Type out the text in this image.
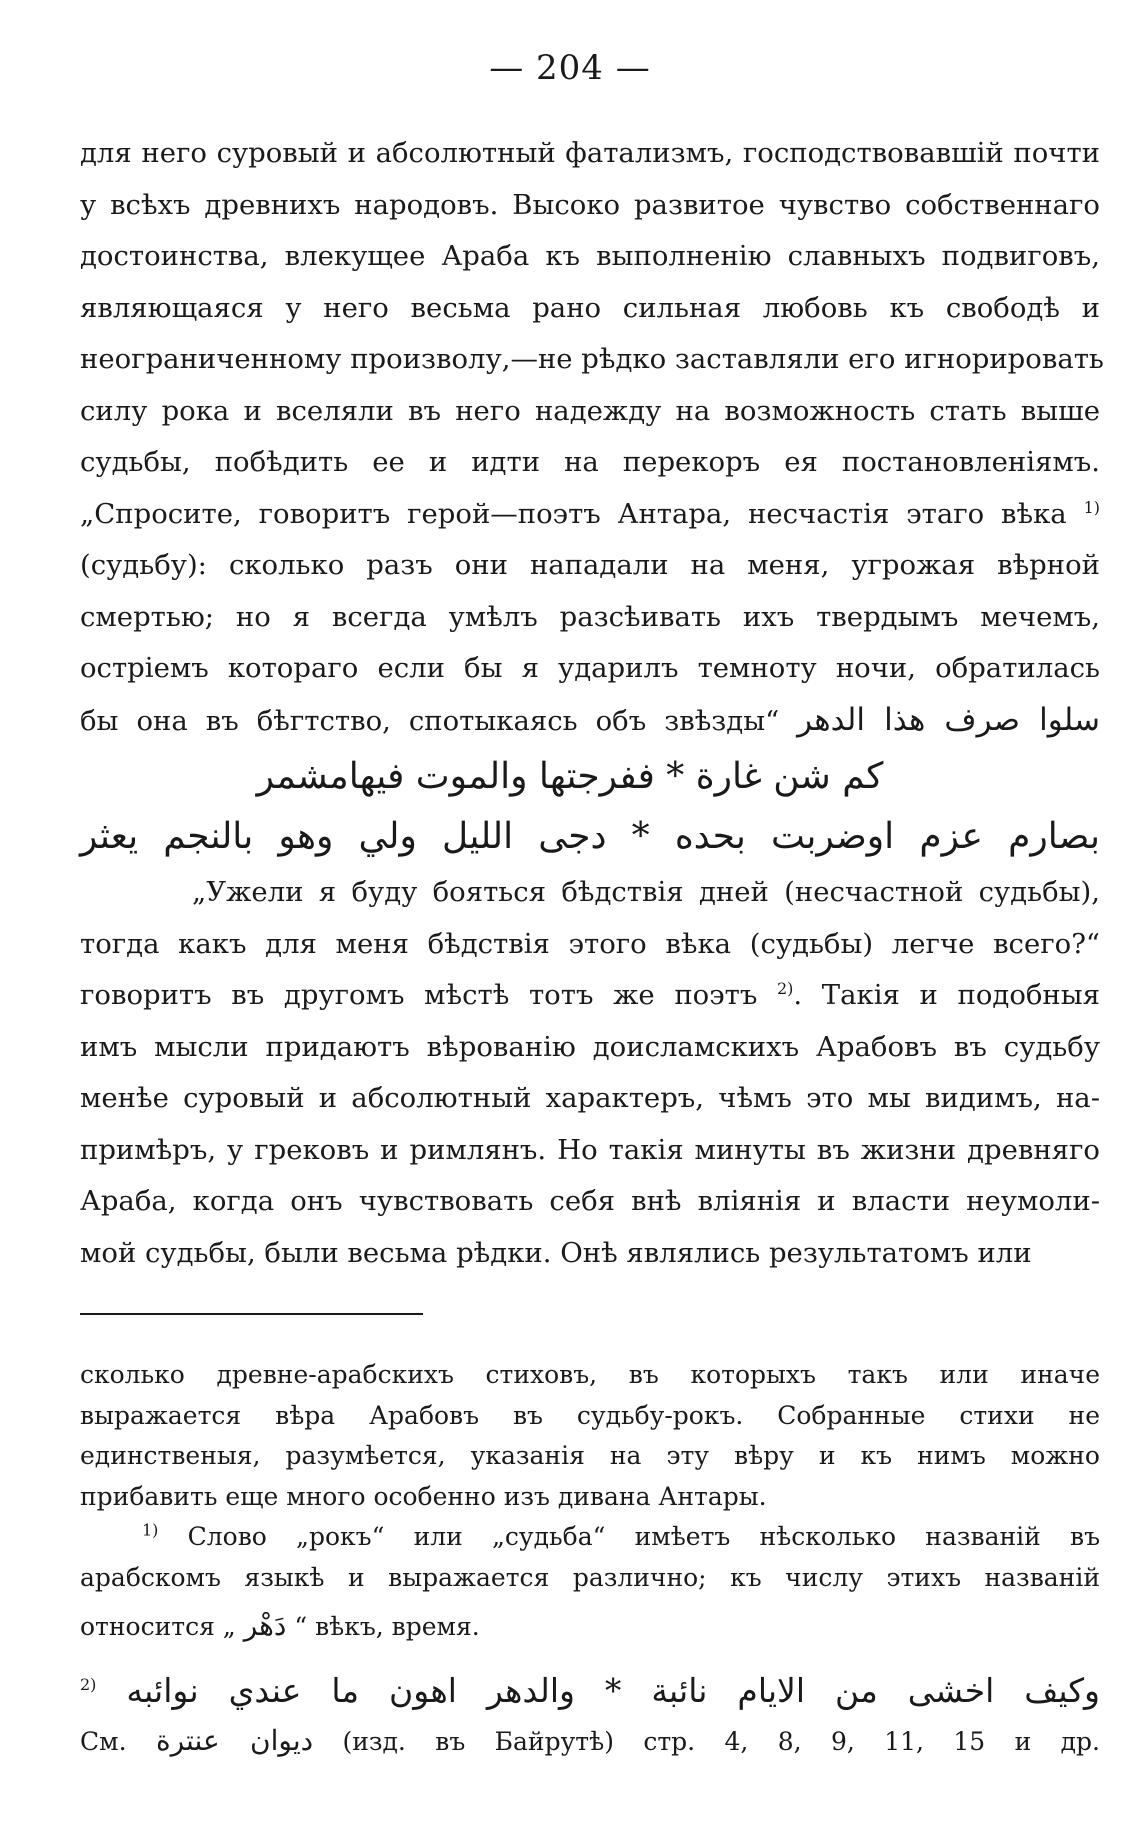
— 204 —
для него суровый и абсолютный фатализмъ, господствовавшій почти
у всѣхъ древнихъ народовъ. Высоко развитое чувство собственнаго
достоинства, влекущее Араба къ выполненію славныхъ подвиговъ,
являющаяся у него весьма рано сильная любовь къ свободѣ и
неограниченному произволу,—не рѣдко заставляли его игнорировать
силу рока и вселяли въ него надежду на возможность стать выше
судьбы, побѣдить ее и идти на перекоръ ея постановленіямъ.
„Спросите, говоритъ герой—поэтъ Антара, несчастія этаго вѣка $^{1)}$
(судьбу): сколько разъ они нападали на меня, угрожая вѣрной
смертью; но я всегда умѣлъ разсѣивать ихъ твердымъ мечемъ,
остріемъ котораго если бы я ударилъ темноту ночи, обратилась
бы она въ бѣгтство, спотыкаясь объ звѣзды“ سلوا صرف هذا الدهر
كم شن غارة * ففرجتها والموت فيهامشمر
بصارم عزم اوضربت بحده * دجى الليل ولي وهو بالنجم يعثر
„Ужели я буду бояться бѣдствія дней (несчастной судьбы),
тогда какъ для меня бѣдствія этого вѣка (судьбы) легче всего?“
говоритъ въ другомъ мѣстѣ тотъ же поэтъ $^{2)}$. Такія и подобныя
имъ мысли придаютъ вѣрованію доисламскихъ Арабовъ въ судьбу
менѣе суровый и абсолютный характеръ, чѣмъ это мы видимъ, на-
примѣръ, у грековъ и римлянъ. Но такія минуты въ жизни древняго
Араба, когда онъ чувствовать себя внѣ вліянія и власти неумоли-
мой судьбы, были весьма рѣдки. Онѣ являлись результатомъ или
сколько древне-арабскихъ стиховъ, въ которыхъ такъ или иначе
выражается вѣра Арабовъ въ судьбу-рокъ. Собранные стихи не
единственыя, разумѣется, указанія на эту вѣру и къ нимъ можно
прибавить еще много особенно изъ дивана Антары.
$^{1)}$ Слово „рокъ“ или „судьба“ имѣетъ нѣсколько названій въ
арабскомъ языкѣ и выражается различно; къ числу этихъ названій
относится „ دَهْر “ вѣкъ, время.
وكيف اخشى من الايام نائبة * والدهر اهون ما عندي نوائبه $^{2)}$
См. ديوان عنترة (изд. въ Байрутѣ) стр. 4, 8, 9, 11, 15 и др.
